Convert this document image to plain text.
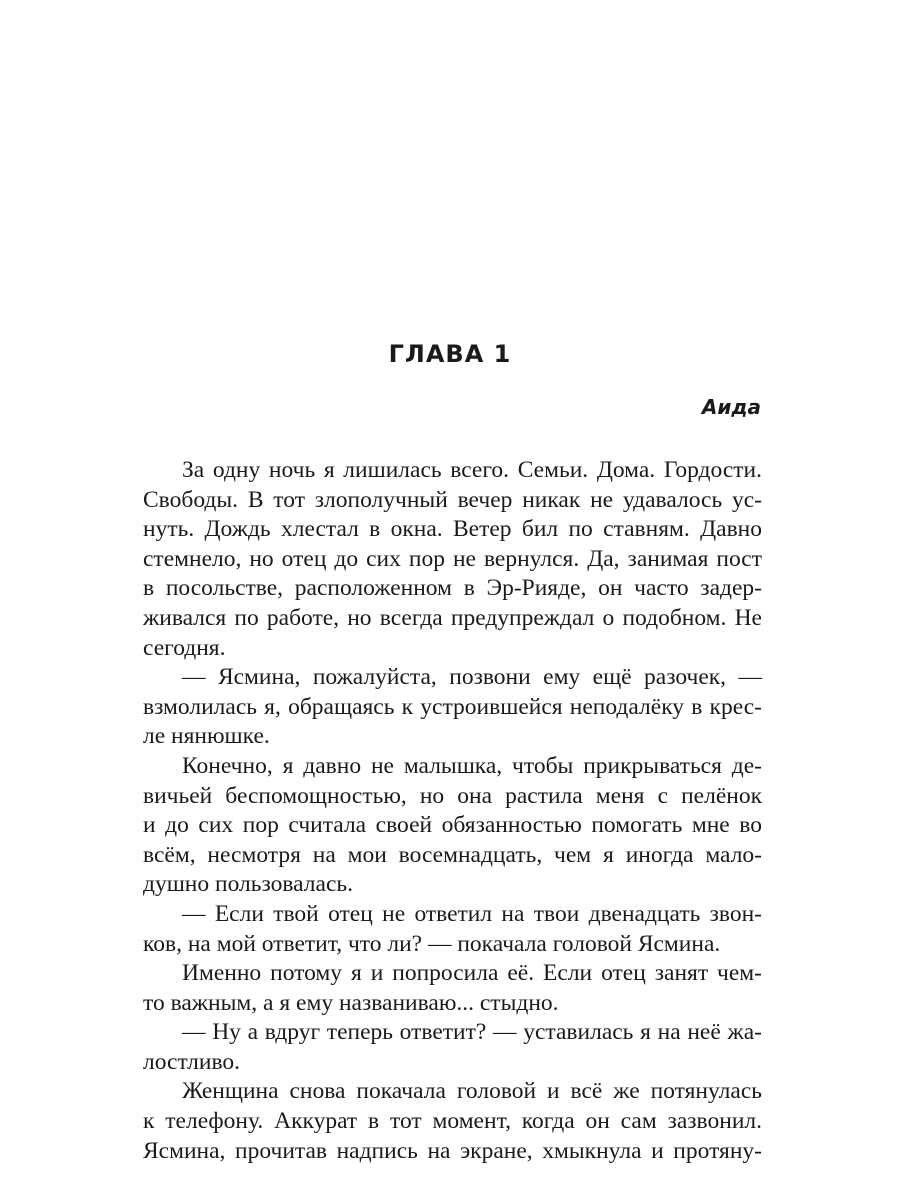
ГЛАВА 1
Аида
За одну ночь я лишилась всего. Семьи. Дома. Гордости.
Свободы. В тот злополучный вечер никак не удавалось ус-
нуть. Дождь хлестал в окна. Ветер бил по ставням. Давно
стемнело, но отец до сих пор не вернулся. Да, занимая пост
в посольстве, расположенном в Эр-Рияде, он часто задер-
живался по работе, но всегда предупреждал о подобном. Не
сегодня.
— Ясмина, пожалуйста, позвони ему ещё разочек, —
взмолилась я, обращаясь к устроившейся неподалёку в крес-
ле нянюшке.
Конечно, я давно не малышка, чтобы прикрываться де-
вичьей беспомощностью, но она растила меня с пелёнок
и до сих пор считала своей обязанностью помогать мне во
всём, несмотря на мои восемнадцать, чем я иногда мало-
душно пользовалась.
— Если твой отец не ответил на твои двенадцать звон-
ков, на мой ответит, что ли? — покачала головой Ясмина.
Именно потому я и попросила её. Если отец занят чем-
то важным, а я ему названиваю... стыдно.
— Ну а вдруг теперь ответит? — уставилась я на неё жа-
лостливо.
Женщина снова покачала головой и всё же потянулась
к телефону. Аккурат в тот момент, когда он сам зазвонил.
Ясмина, прочитав надпись на экране, хмыкнула и протяну-
